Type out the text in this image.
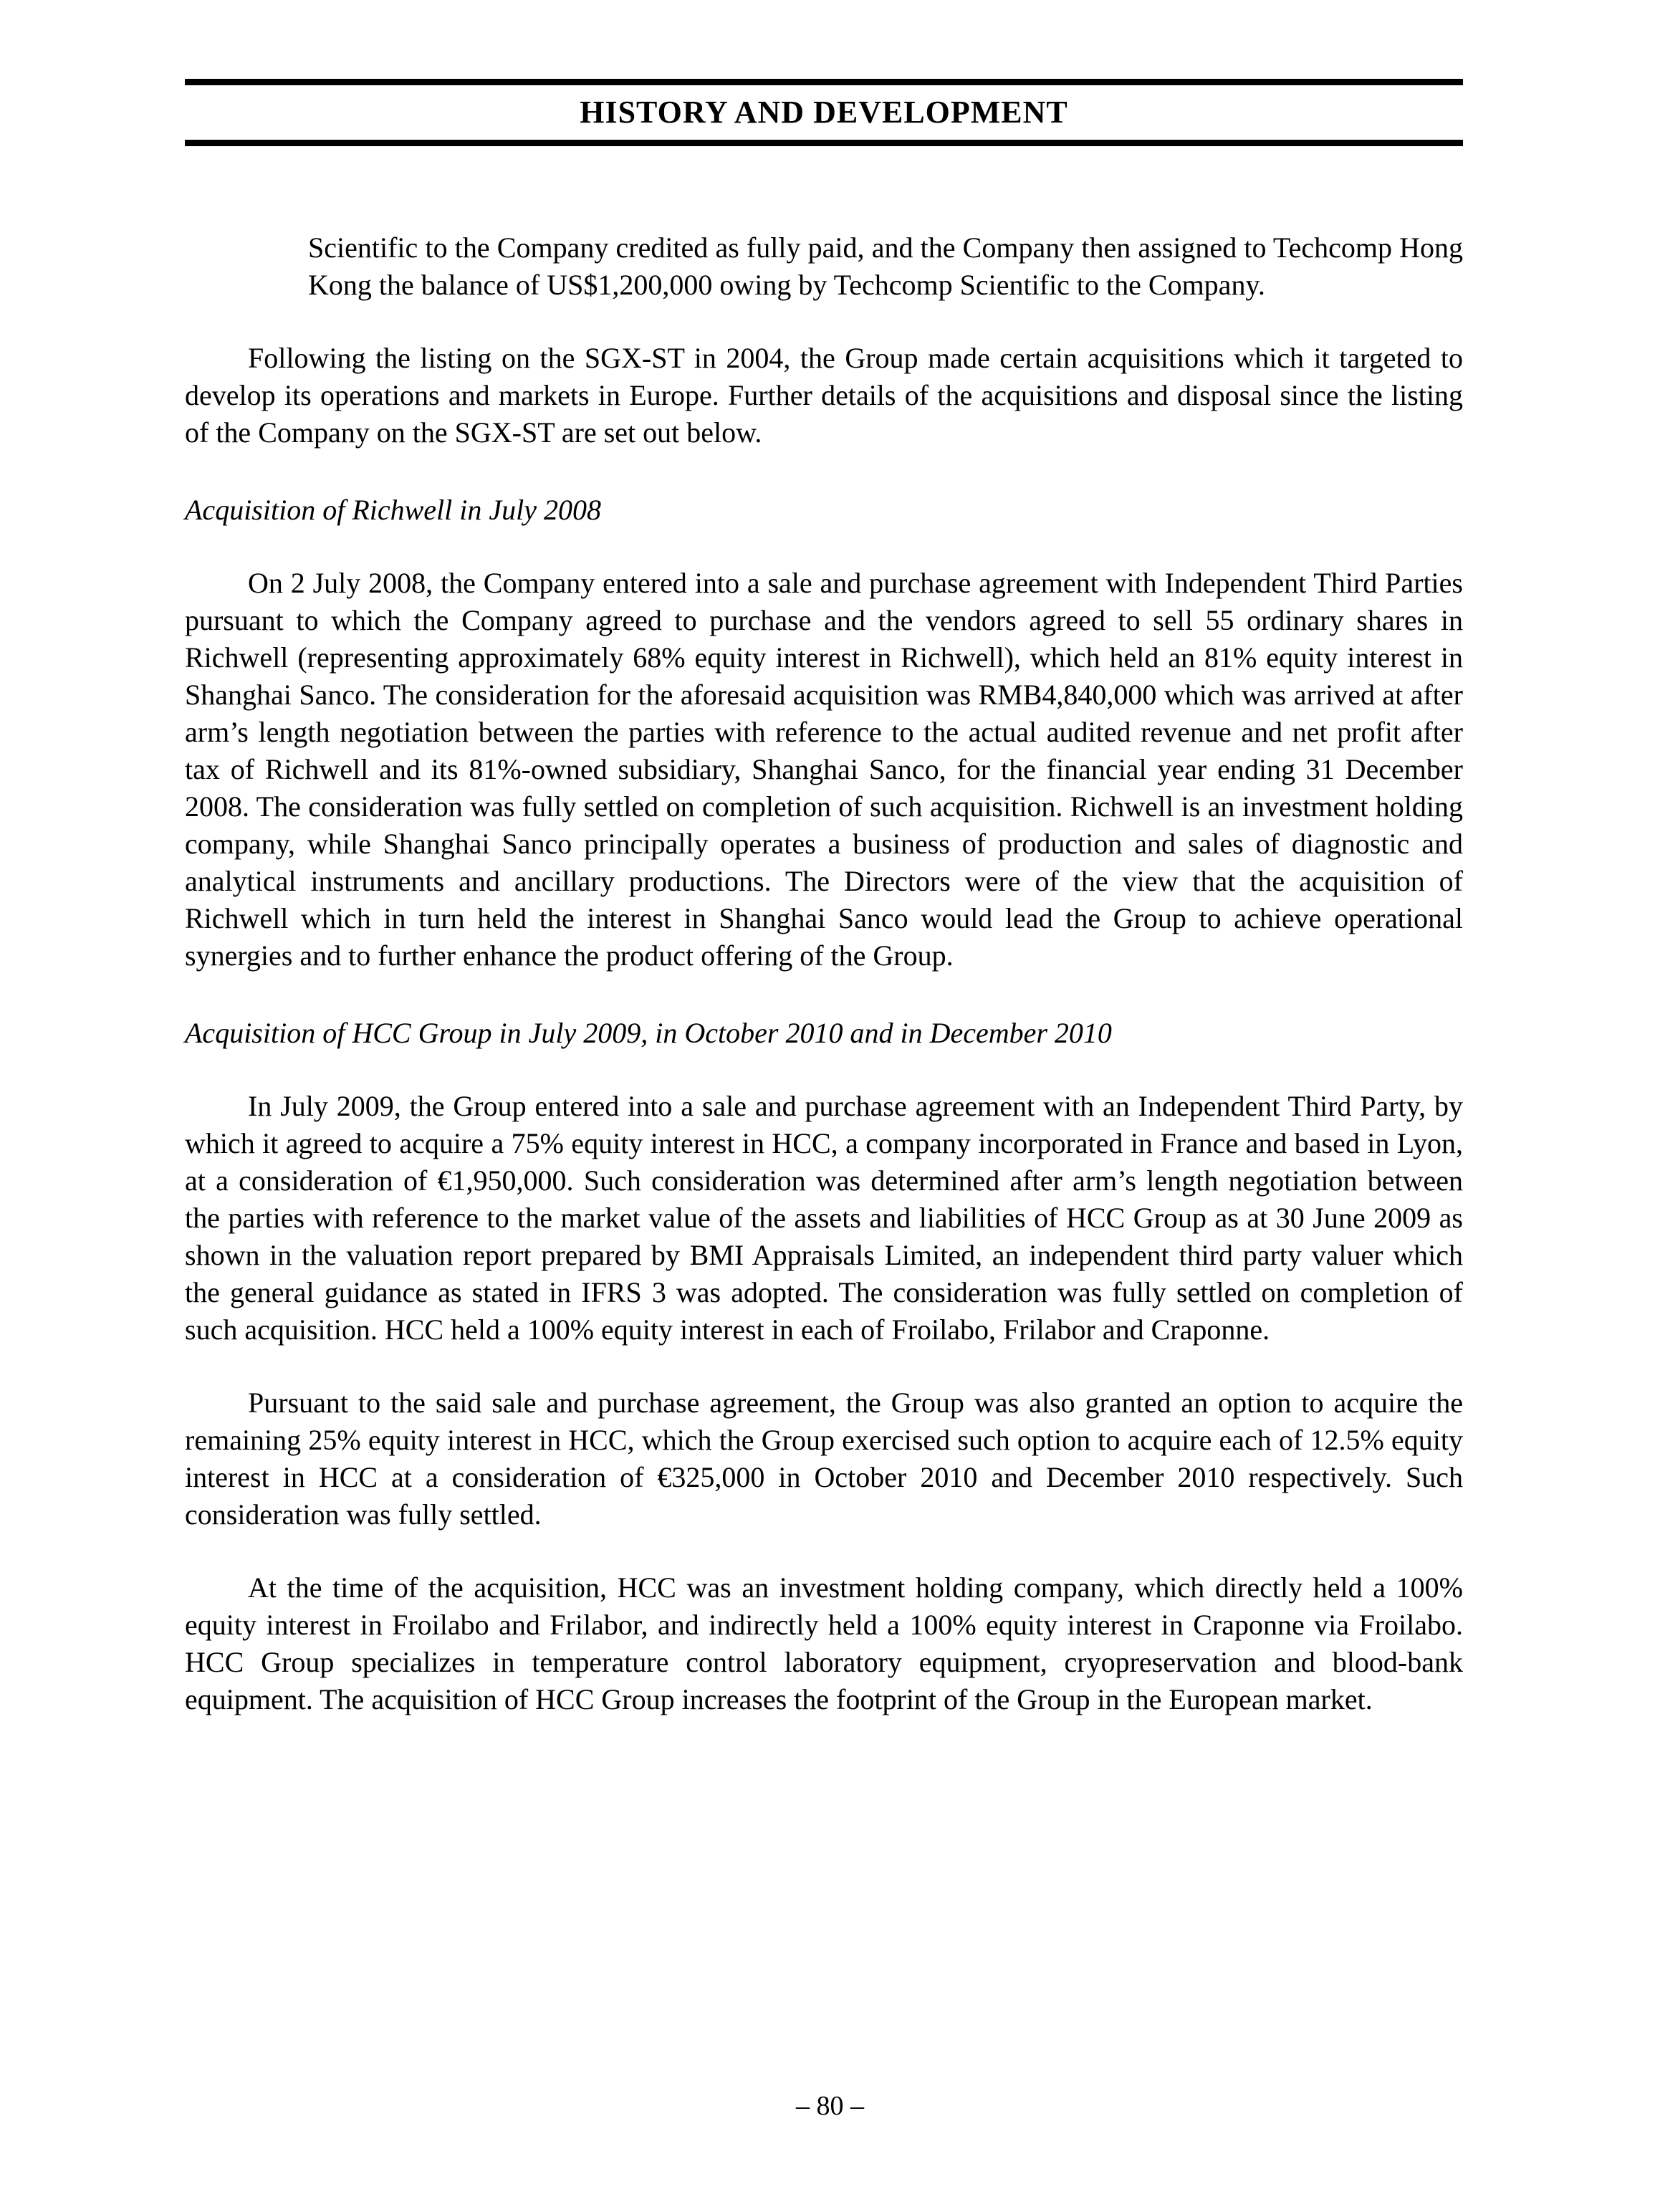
HISTORY AND DEVELOPMENT

Scientific to the Company credited as fully paid, and the Company then assigned to Techcomp Hong Kong the balance of US$1,200,000 owing by Techcomp Scientific to the Company.

Following the listing on the SGX-ST in 2004, the Group made certain acquisitions which it targeted to develop its operations and markets in Europe. Further details of the acquisitions and disposal since the listing of the Company on the SGX-ST are set out below.

Acquisition of Richwell in July 2008

On 2 July 2008, the Company entered into a sale and purchase agreement with Independent Third Parties pursuant to which the Company agreed to purchase and the vendors agreed to sell 55 ordinary shares in Richwell (representing approximately 68% equity interest in Richwell), which held an 81% equity interest in Shanghai Sanco. The consideration for the aforesaid acquisition was RMB4,840,000 which was arrived at after arm’s length negotiation between the parties with reference to the actual audited revenue and net profit after tax of Richwell and its 81%-owned subsidiary, Shanghai Sanco, for the financial year ending 31 December 2008. The consideration was fully settled on completion of such acquisition. Richwell is an investment holding company, while Shanghai Sanco principally operates a business of production and sales of diagnostic and analytical instruments and ancillary productions. The Directors were of the view that the acquisition of Richwell which in turn held the interest in Shanghai Sanco would lead the Group to achieve operational synergies and to further enhance the product offering of the Group.

Acquisition of HCC Group in July 2009, in October 2010 and in December 2010

In July 2009, the Group entered into a sale and purchase agreement with an Independent Third Party, by which it agreed to acquire a 75% equity interest in HCC, a company incorporated in France and based in Lyon, at a consideration of €1,950,000. Such consideration was determined after arm’s length negotiation between the parties with reference to the market value of the assets and liabilities of HCC Group as at 30 June 2009 as shown in the valuation report prepared by BMI Appraisals Limited, an independent third party valuer which the general guidance as stated in IFRS 3 was adopted. The consideration was fully settled on completion of such acquisition. HCC held a 100% equity interest in each of Froilabo, Frilabor and Craponne.

Pursuant to the said sale and purchase agreement, the Group was also granted an option to acquire the remaining 25% equity interest in HCC, which the Group exercised such option to acquire each of 12.5% equity interest in HCC at a consideration of €325,000 in October 2010 and December 2010 respectively. Such consideration was fully settled.

At the time of the acquisition, HCC was an investment holding company, which directly held a 100% equity interest in Froilabo and Frilabor, and indirectly held a 100% equity interest in Craponne via Froilabo. HCC Group specializes in temperature control laboratory equipment, cryopreservation and blood-bank equipment. The acquisition of HCC Group increases the footprint of the Group in the European market.

– 80 –
